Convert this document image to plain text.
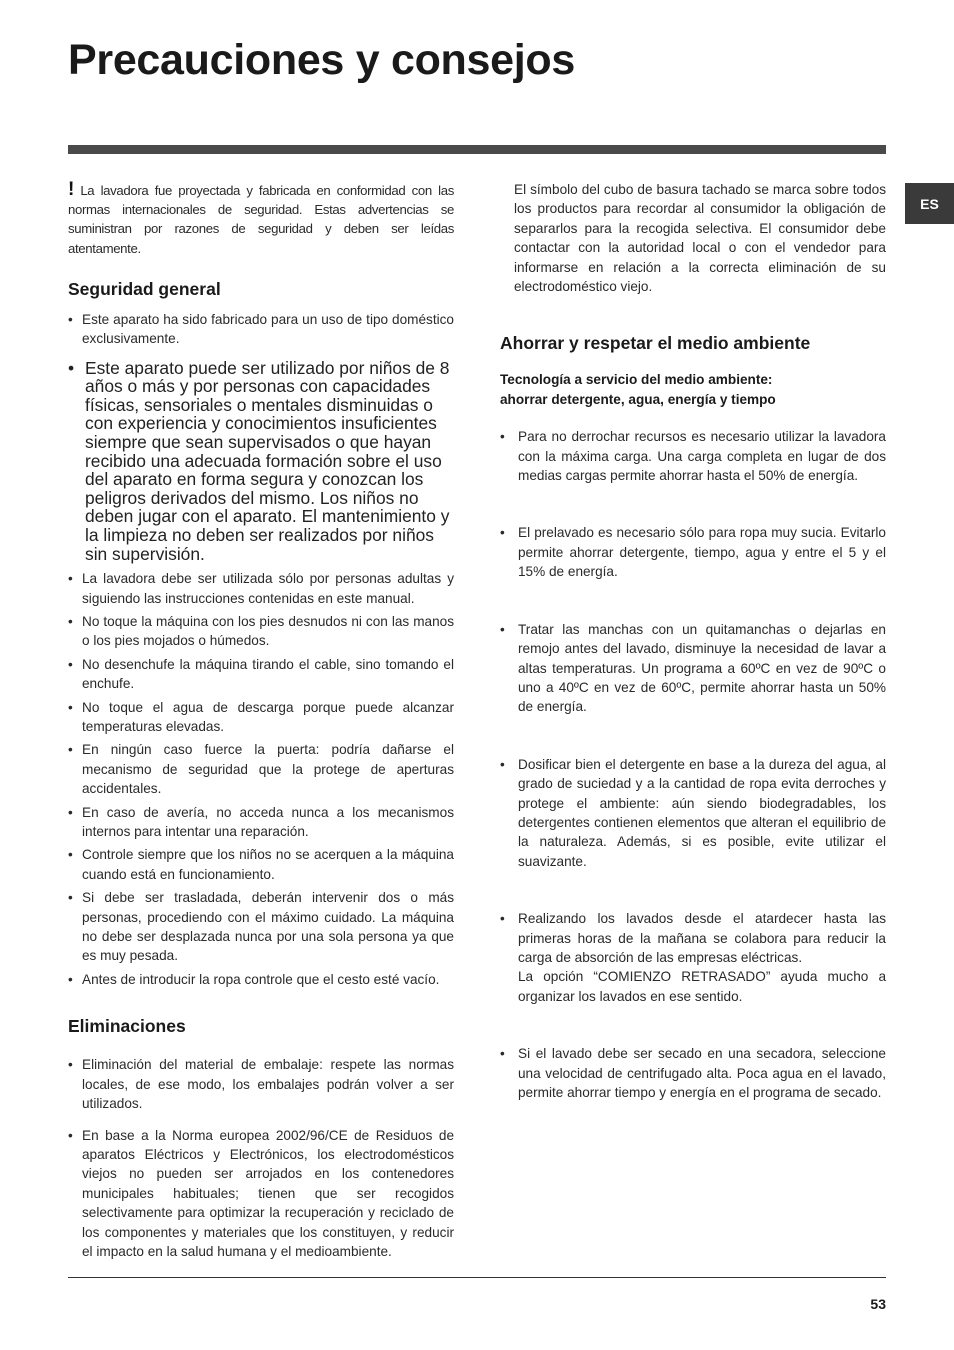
Precauciones y consejos
ES

! La lavadora fue proyectada y fabricada en conformidad con las normas internacionales de seguridad. Estas advertencias se suministran por razones de seguridad y deben ser leídas atentamente.

Seguridad general
• Este aparato ha sido fabricado para un uso de tipo doméstico exclusivamente.
• Este aparato puede ser utilizado por niños de 8 años o más y por personas con capacidades físicas, sensoriales o mentales disminuidas o con experiencia y conocimientos insuficientes siempre que sean supervisados o que hayan recibido una adecuada formación sobre el uso del aparato en forma segura y conozcan los peligros derivados del mismo. Los niños no deben jugar con el aparato. El mantenimiento y la limpieza no deben ser realizados por niños sin supervisión.
• La lavadora debe ser utilizada sólo por personas adultas y siguiendo las instrucciones contenidas en este manual.
• No toque la máquina con los pies desnudos ni con las manos o los pies mojados o húmedos.
• No desenchufe la máquina tirando el cable, sino tomando el enchufe.
• No toque el agua de descarga porque puede alcanzar temperaturas elevadas.
• En ningún caso fuerce la puerta: podría dañarse el mecanismo de seguridad que la protege de aperturas accidentales.
• En caso de avería, no acceda nunca a los mecanismos internos para intentar una reparación.
• Controle siempre que los niños no se acerquen a la máquina cuando está en funcionamiento.
• Si debe ser trasladada, deberán intervenir dos o más personas, procediendo con el máximo cuidado. La máquina no debe ser desplazada nunca por una sola persona ya que es muy pesada.
• Antes de introducir la ropa controle que el cesto esté vacío.
Eliminaciones
• Eliminación del material de embalaje: respete las normas locales, de ese modo, los embalajes podrán volver a ser utilizados.
• En base a la Norma europea 2002/96/CE de Residuos de aparatos Eléctricos y Electrónicos, los electrodomésticos viejos no pueden ser arrojados en los contenedores municipales habituales; tienen que ser recogidos selectivamente para optimizar la recuperación y reciclado de los componentes y materiales que los constituyen, y reducir el impacto en la salud humana y el medioambiente.

El símbolo del cubo de basura tachado se marca sobre todos los productos para recordar al consumidor la obligación de separarlos para la recogida selectiva. El consumidor debe contactar con la autoridad local o con el vendedor para informarse en relación a la correcta eliminación de su electrodoméstico viejo.

Ahorrar y respetar el medio ambiente

Tecnología a servicio del medio ambiente:
ahorrar detergente, agua, energía y tiempo

• Para no derrochar recursos es necesario utilizar la lavadora con la máxima carga. Una carga completa en lugar de dos medias cargas permite ahorrar hasta el 50% de energía.
• El prelavado es necesario sólo para ropa muy sucia. Evitarlo permite ahorrar detergente, tiempo, agua y entre el 5 y el 15% de energía.
• Tratar las manchas con un quitamanchas o dejarlas en remojo antes del lavado, disminuye la necesidad de lavar a altas temperaturas. Un programa a 60ºC en vez de 90ºC o uno a 40ºC en vez de 60ºC, permite ahorrar hasta un 50% de energía.
• Dosificar bien el detergente en base a la dureza del agua, al grado de suciedad y a la cantidad de ropa evita derroches y protege el ambiente: aún siendo biodegradables, los detergentes contienen elementos que alteran el equilibrio de la naturaleza. Además, si es posible, evite utilizar el suavizante.
• Realizando los lavados desde el atardecer hasta las primeras horas de la mañana se colabora para reducir la carga de absorción de las empresas eléctricas.
La opción “COMIENZO RETRASADO” ayuda mucho a organizar los lavados en ese sentido.
• Si el lavado debe ser secado en una secadora, seleccione una velocidad de centrifugado alta. Poca agua en el lavado, permite ahorrar tiempo y energía en el programa de secado.
53
